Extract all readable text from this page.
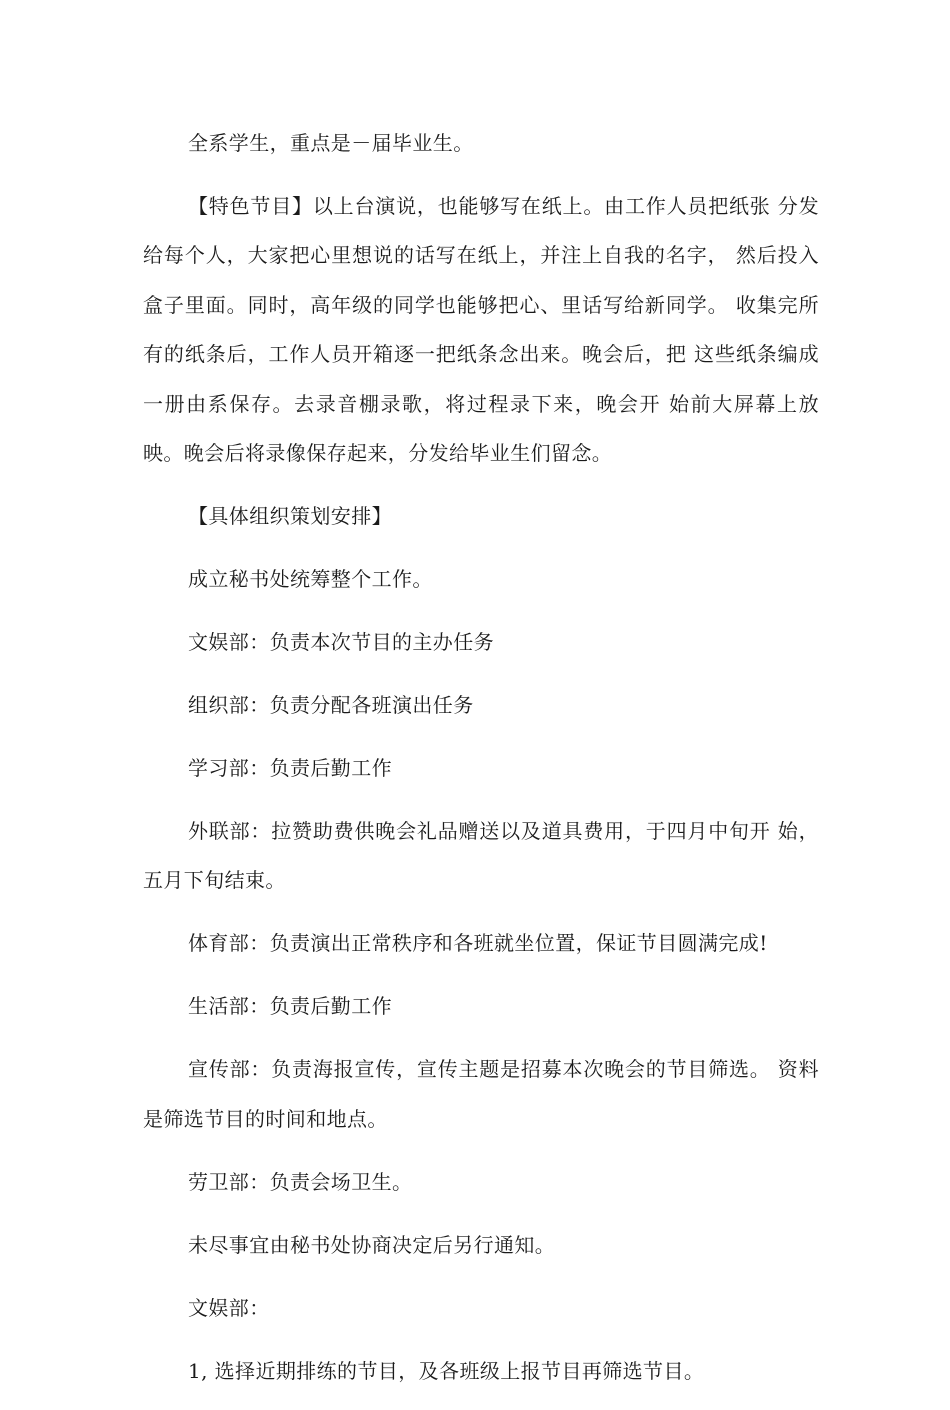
全系学生，重点是－届毕业生。

【特色节目】以上台演说，也能够写在纸上。由工作人员把纸张 分发给每个人，大家把心里想说的话写在纸上，并注上自我的名字， 然后投入盒子里面。同时，高年级的同学也能够把心、里话写给新同学。 收集完所有的纸条后，工作人员开箱逐一把纸条念出来。晚会后，把 这些纸条编成一册由系保存。去录音棚录歌，将过程录下来，晚会开 始前大屏幕上放映。晚会后将录像保存起来，分发给毕业生们留念。

【具体组织策划安排】

成立秘书处统筹整个工作。

文娱部：负责本次节目的主办任务

组织部：负责分配各班演出任务

学习部：负责后勤工作

外联部：拉赞助费供晚会礼品赠送以及道具费用，于四月中旬开 始，五月下旬结束。

体育部：负责演出正常秩序和各班就坐位置，保证节目圆满完成!

生活部：负责后勤工作

宣传部：负责海报宣传，宣传主题是招募本次晚会的节目筛选。 资料是筛选节目的时间和地点。

劳卫部：负责会场卫生。

未尽事宜由秘书处协商决定后另行通知。

文娱部：

1, 选择近期排练的节目，及各班级上报节目再筛选节目。
